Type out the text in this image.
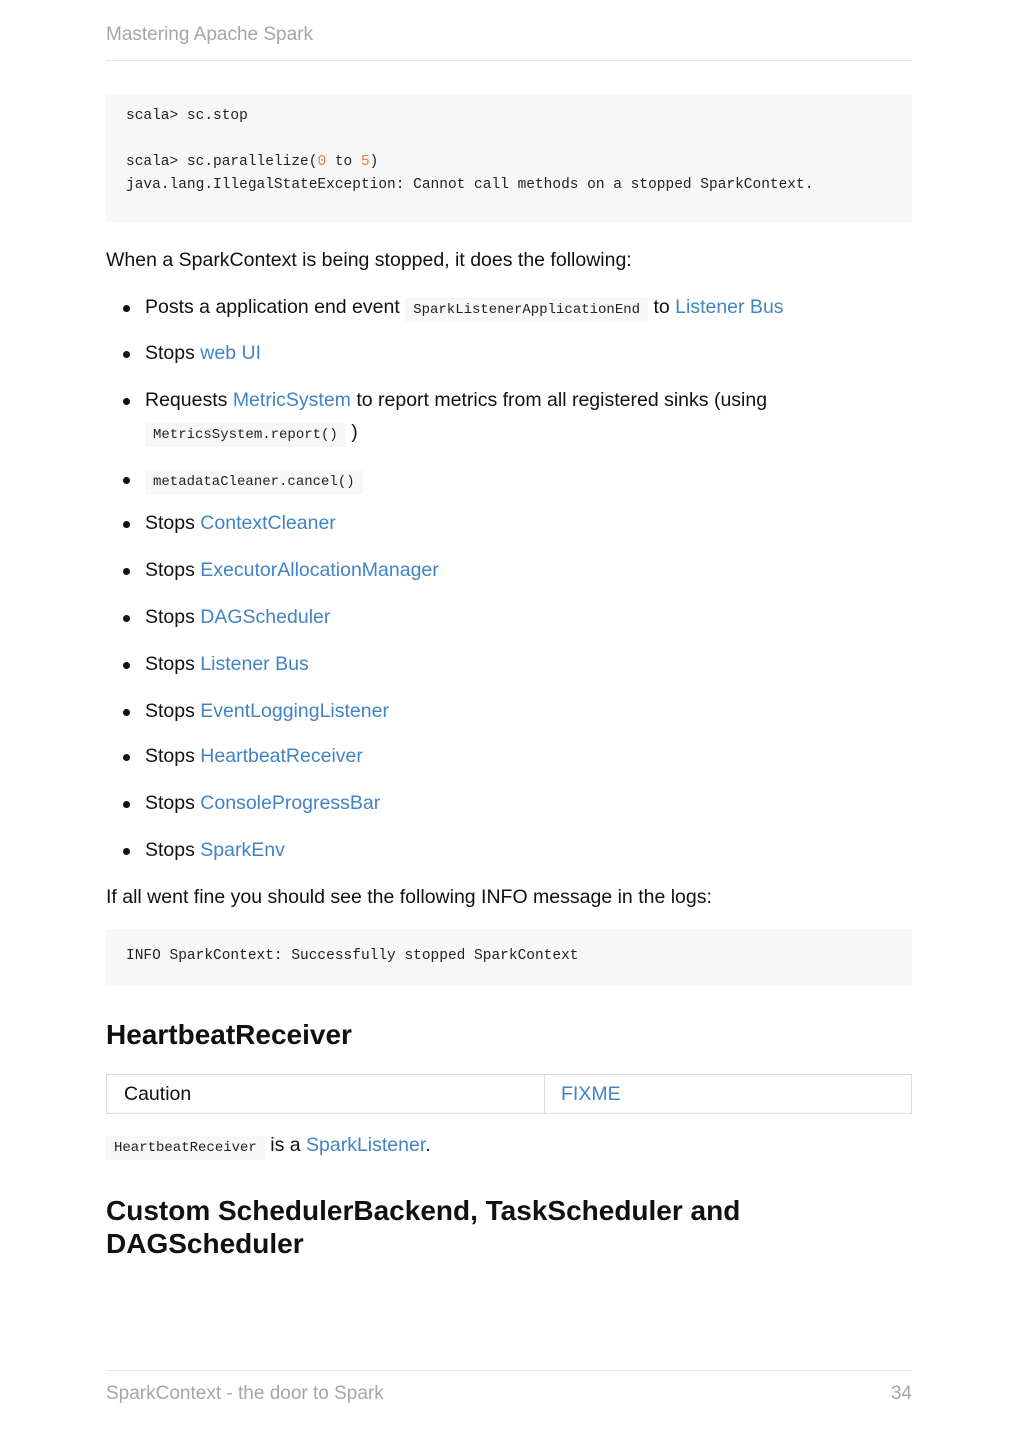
Mastering Apache Spark
scala> sc.stop

scala> sc.parallelize(0 to 5)
java.lang.IllegalStateException: Cannot call methods on a stopped SparkContext.
When a SparkContext is being stopped, it does the following:
Posts a application end event SparkListenerApplicationEnd to Listener Bus
Stops web UI
Requests MetricSystem to report metrics from all registered sinks (using
MetricsSystem.report() )
metadataCleaner.cancel()
Stops ContextCleaner
Stops ExecutorAllocationManager
Stops DAGScheduler
Stops Listener Bus
Stops EventLoggingListener
Stops HeartbeatReceiver
Stops ConsoleProgressBar
Stops SparkEnv
If all went fine you should see the following INFO message in the logs:
INFO SparkContext: Successfully stopped SparkContext
HeartbeatReceiver
Caution	FIXME
HeartbeatReceiver is a SparkListener.
Custom SchedulerBackend, TaskScheduler and
DAGScheduler
SparkContext - the door to Spark	34
